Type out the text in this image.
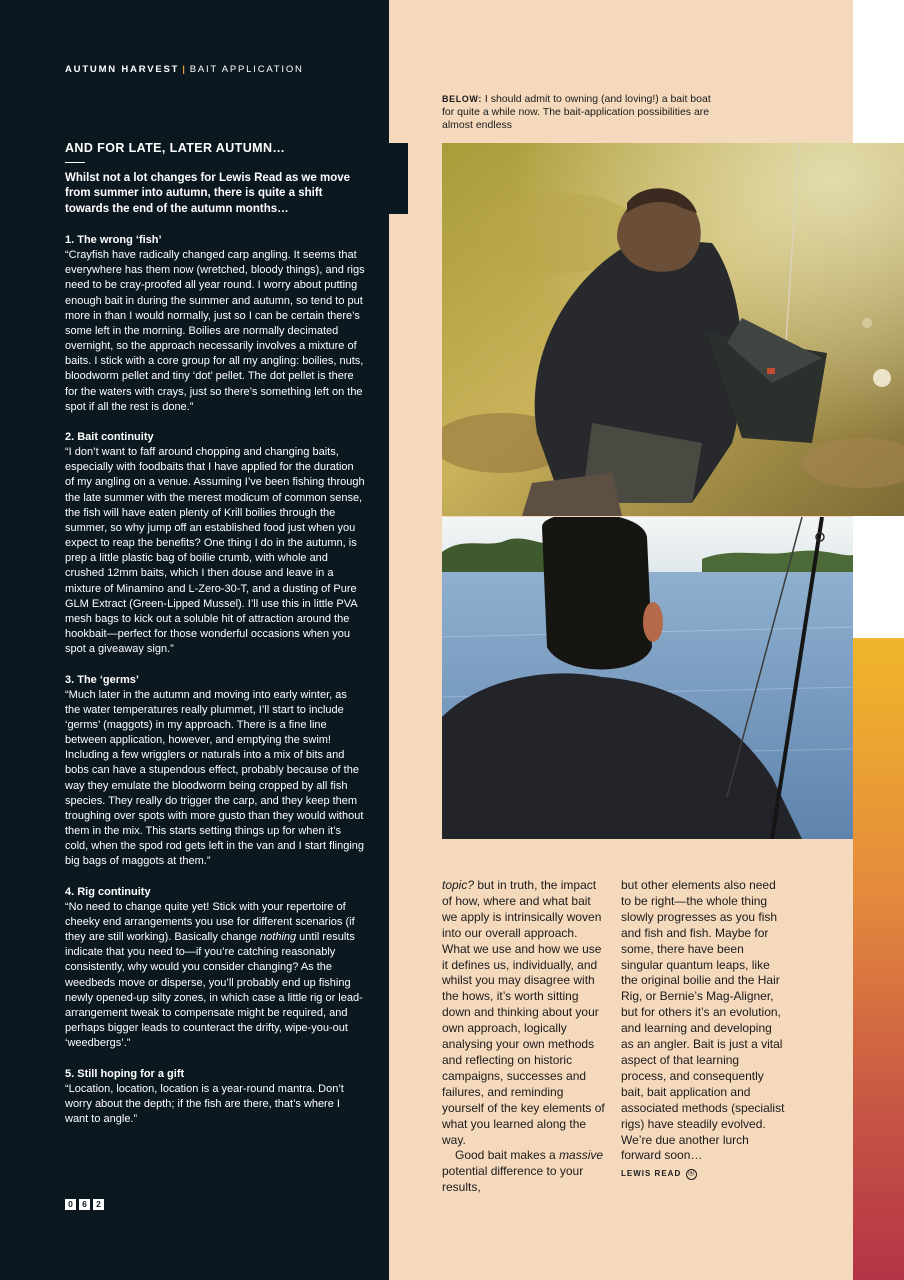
AUTUMN HARVEST | BAIT APPLICATION
AND FOR LATE, LATER AUTUMN…
Whilst not a lot changes for Lewis Read as we move from summer into autumn, there is quite a shift towards the end of the autumn months…
1. The wrong ‘fish’

“Crayfish have radically changed carp angling. It seems that everywhere has them now (wretched, bloody things), and rigs need to be cray-proofed all year round. I worry about putting enough bait in during the summer and autumn, so tend to put more in than I would normally, just so I can be certain there’s some left in the morning. Boilies are normally decimated overnight, so the approach necessarily involves a mixture of baits. I stick with a core group for all my angling: boilies, nuts, bloodworm pellet and tiny ‘dot’ pellet. The dot pellet is there for the waters with crays, just so there’s something left on the spot if all the rest is done.”

2. Bait continuity

“I don’t want to faff around chopping and changing baits, especially with foodbaits that I have applied for the duration of my angling on a venue. Assuming I’ve been fishing through the late summer with the merest modicum of common sense, the fish will have eaten plenty of Krill boilies through the summer, so why jump off an established food just when you expect to reap the benefits? One thing I do in the autumn, is prep a little plastic bag of boilie crumb, with whole and crushed 12mm baits, which I then douse and leave in a mixture of Minamino and L-Zero-30-T, and a dusting of Pure GLM Extract (Green-Lipped Mussel). I’ll use this in little PVA mesh bags to kick out a soluble hit of attraction around the hookbait—perfect for those wonderful occasions when you spot a giveaway sign.”

3. The ‘germs’

“Much later in the autumn and moving into early winter, as the water temperatures really plummet, I’ll start to include ‘germs’ (maggots) in my approach. There is a fine line between application, however, and emptying the swim! Including a few wrigglers or naturals into a mix of bits and bobs can have a stupendous effect, probably because of the way they emulate the bloodworm being cropped by all fish species. They really do trigger the carp, and they keep them troughing over spots with more gusto than they would without them in the mix. This starts setting things up for when it’s cold, when the spod rod gets left in the van and I start flinging big bags of maggots at them.”

4. Rig continuity

“No need to change quite yet! Stick with your repertoire of cheeky end arrangements you use for different scenarios (if they are still working). Basically change nothing until results indicate that you need to—if you’re catching reasonably consistently, why would you consider changing? As the weedbeds move or disperse, you’ll probably end up fishing newly opened-up silty zones, in which case a little rig or lead-arrangement tweak to compensate might be required, and perhaps bigger leads to counteract the drifty, wipe-you-out ‘weedbergs’.”

5. Still hoping for a gift

“Location, location, location is a year-round mantra. Don’t worry about the depth; if the fish are there, that’s where I want to angle.”

0	6	2
BELOW: I should admit to owning (and loving!) a bait boat for quite a while now. The bait-application possibilities are almost endless

topic? but in truth, the impact of how, where and what bait we apply is intrinsically woven into our overall approach. What we use and how we use it defines us, individually, and whilst you may disagree with the hows, it’s worth sitting down and thinking about your own approach, logically analysing your own methods and reflecting on historic campaigns, successes and failures, and reminding yourself of the key elements of what you learned along the way.

Good bait makes a massive potential difference to your results,

but other elements also need to be right—the whole thing slowly progresses as you fish and fish and fish. Maybe for some, there have been singular quantum leaps, like the original boilie and the Hair Rig, or Bernie’s Mag-Aligner, but for others it’s an evolution, and learning and developing as an angler. Bait is just a vital aspect of that learning process, and consequently bait, bait application and associated methods (specialist rigs) have steadily evolved. We’re due another lurch forward soon…

LEWIS READ ⓐ
